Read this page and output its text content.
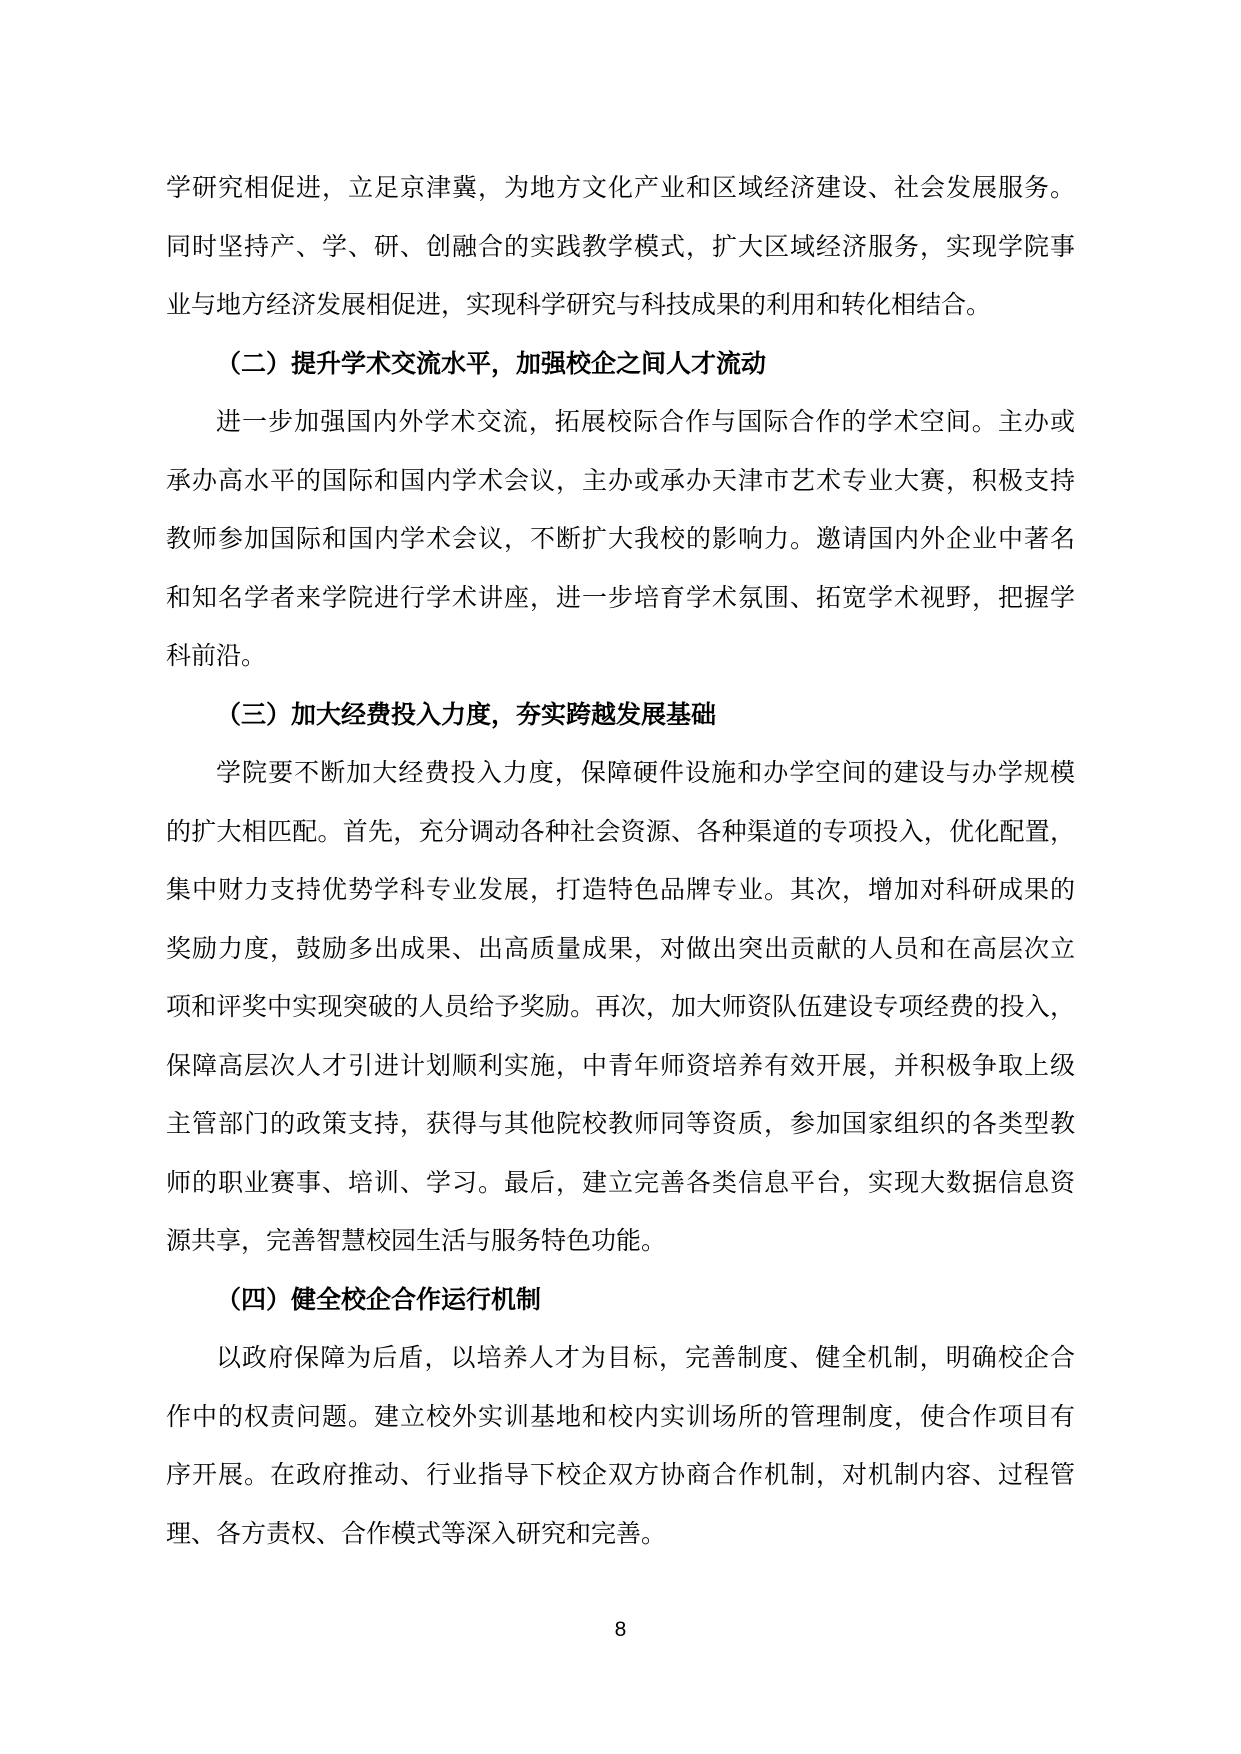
学研究相促进，立足京津冀，为地方文化产业和区域经济建设、社会发展服务。
同时坚持产、学、研、创融合的实践教学模式，扩大区域经济服务，实现学院事
业与地方经济发展相促进，实现科学研究与科技成果的利用和转化相结合。
（二）提升学术交流水平，加强校企之间人才流动
进一步加强国内外学术交流，拓展校际合作与国际合作的学术空间。主办或
承办高水平的国际和国内学术会议，主办或承办天津市艺术专业大赛，积极支持
教师参加国际和国内学术会议，不断扩大我校的影响力。邀请国内外企业中著名
和知名学者来学院进行学术讲座，进一步培育学术氛围、拓宽学术视野，把握学
科前沿。
（三）加大经费投入力度，夯实跨越发展基础
学院要不断加大经费投入力度，保障硬件设施和办学空间的建设与办学规模
的扩大相匹配。首先，充分调动各种社会资源、各种渠道的专项投入，优化配置，
集中财力支持优势学科专业发展，打造特色品牌专业。其次，增加对科研成果的
奖励力度，鼓励多出成果、出高质量成果，对做出突出贡献的人员和在高层次立
项和评奖中实现突破的人员给予奖励。再次，加大师资队伍建设专项经费的投入，
保障高层次人才引进计划顺利实施，中青年师资培养有效开展，并积极争取上级
主管部门的政策支持，获得与其他院校教师同等资质，参加国家组织的各类型教
师的职业赛事、培训、学习。最后，建立完善各类信息平台，实现大数据信息资
源共享，完善智慧校园生活与服务特色功能。
（四）健全校企合作运行机制
以政府保障为后盾，以培养人才为目标，完善制度、健全机制，明确校企合
作中的权责问题。建立校外实训基地和校内实训场所的管理制度，使合作项目有
序开展。在政府推动、行业指导下校企双方协商合作机制，对机制内容、过程管
理、各方责权、合作模式等深入研究和完善。
8
